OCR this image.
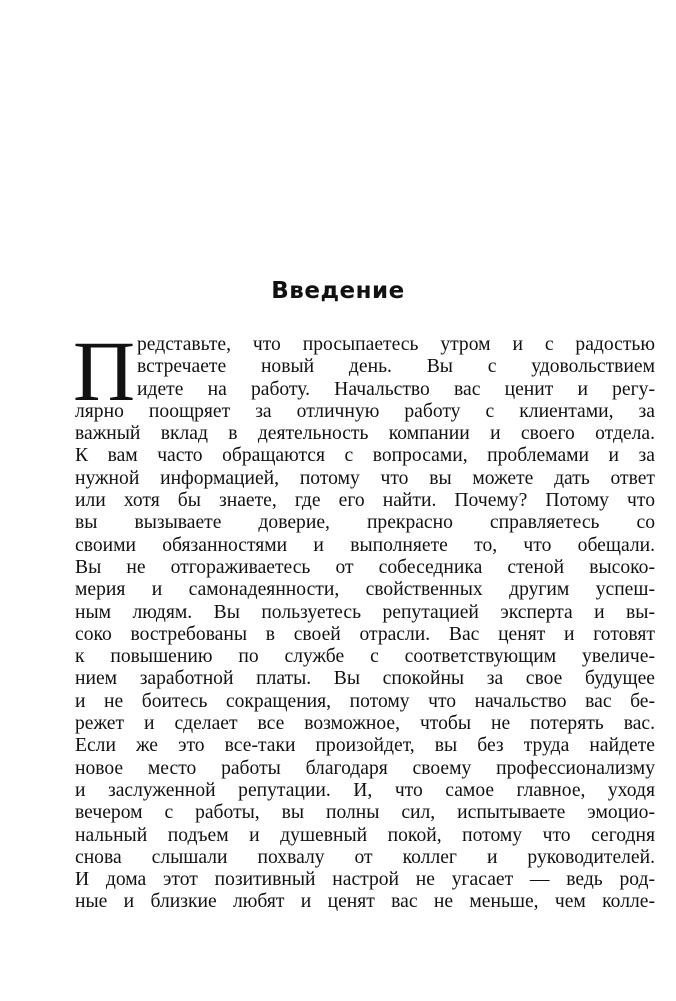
Введение
П редставьте, что просыпаетесь утром и с радостью
встречаете новый день. Вы с удовольствием
идете на работу. Начальство вас ценит и регу-
лярно поощряет за отличную работу с клиентами, за
важный вклад в деятельность компании и своего отдела.
К вам часто обращаются с вопросами, проблемами и за
нужной информацией, потому что вы можете дать ответ
или хотя бы знаете, где его найти. Почему? Потому что
вы вызываете доверие, прекрасно справляетесь со
своими обязанностями и выполняете то, что обещали.
Вы не отгораживаетесь от собеседника стеной высоко-
мерия и самонадеянности, свойственных другим успеш-
ным людям. Вы пользуетесь репутацией эксперта и вы-
соко востребованы в своей отрасли. Вас ценят и готовят
к повышению по службе с соответствующим увеличе-
нием заработной платы. Вы спокойны за свое будущее
и не боитесь сокращения, потому что начальство вас бе-
режет и сделает все возможное, чтобы не потерять вас.
Если же это все-таки произойдет, вы без труда найдете
новое место работы благодаря своему профессионализму
и заслуженной репутации. И, что самое главное, уходя
вечером с работы, вы полны сил, испытываете эмоцио-
нальный подъем и душевный покой, потому что сегодня
снова слышали похвалу от коллег и руководителей.
И дома этот позитивный настрой не угасает — ведь род-
ные и близкие любят и ценят вас не меньше, чем колле-
